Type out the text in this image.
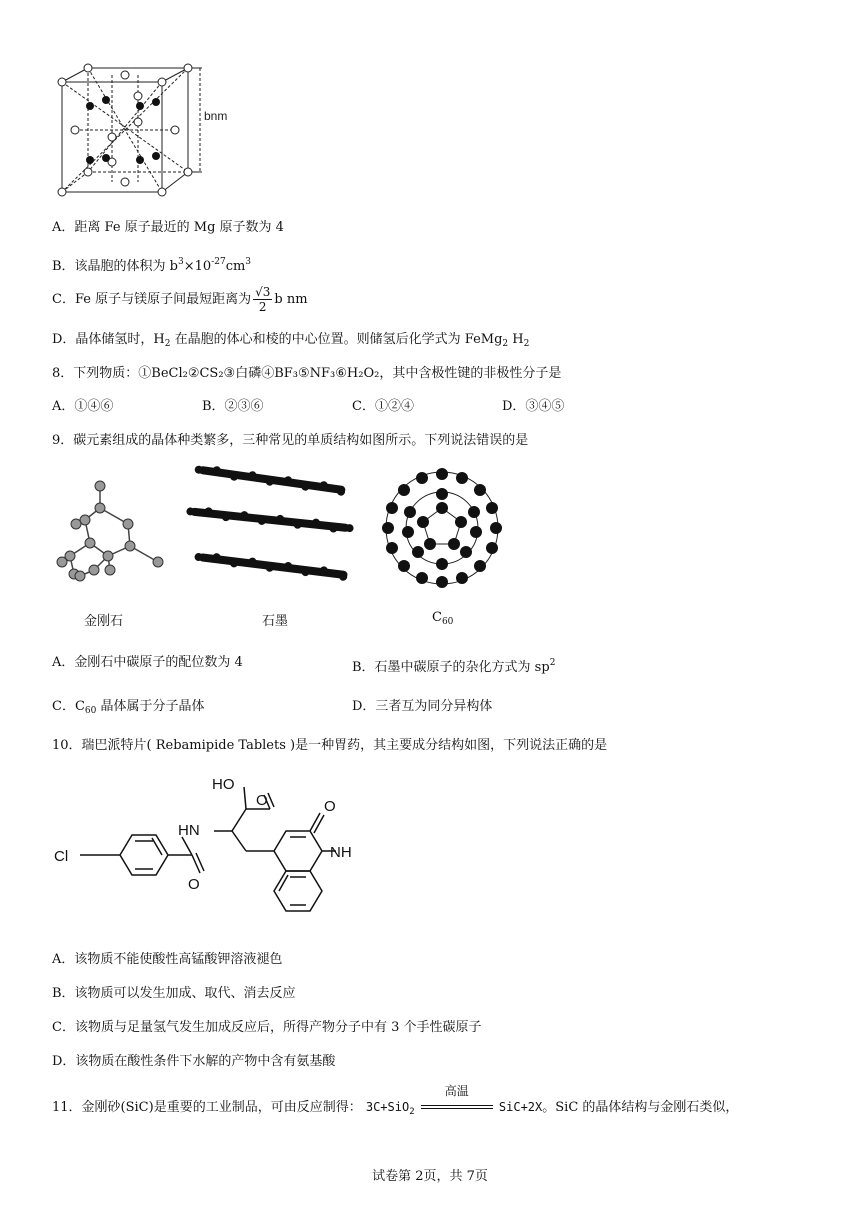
bnm
A．距离 Fe 原子最近的 Mg 原子数为 4
B．该晶胞的体积为 $b^3\times 10^{-27}cm^3$
C．Fe 原子与镁原子间最短距离为 $\frac{√3}{2}$ b nm
D．晶体储氢时，$H_2$ 在晶胞的体心和棱的中心位置。则储氢后化学式为 FeMg$_2$ $H_2$
8．下列物质：①BeCl₂②CS₂③白磷④BF₃⑤NF₃⑥H₂O₂，其中含极性键的非极性分子是
A．①④⑥	B．②③⑥	C．①②④	D．③④⑤
9．碳元素组成的晶体种类繁多，三种常见的单质结构如图所示。下列说法错误的是
金刚石	石墨	$C_{60}$
A．金刚石中碳原子的配位数为 4	B．石墨中碳原子的杂化方式为 $sp^2$
C．$C_{60}$ 晶体属于分子晶体	D．三者互为同分异构体
10．瑞巴派特片( Rebamipide Tablets )是一种胃药，其主要成分结构如图，下列说法正确的是
HO
O	O
O
HN
NH
Cl
A．该物质不能使酸性高锰酸钾溶液褪色
B．该物质可以发生加成、取代、消去反应
C．该物质与足量氢气发生加成反应后，所得产物分子中有 3 个手性碳原子
D．该物质在酸性条件下水解的产物中含有氨基酸
11．金刚砂(SiC)是重要的工业制品，可由反应制得： 3C+SiO$_2$
高温
SiC+2X。SiC 的晶体结构与金刚石类似，
试卷第 2页，共 7页
